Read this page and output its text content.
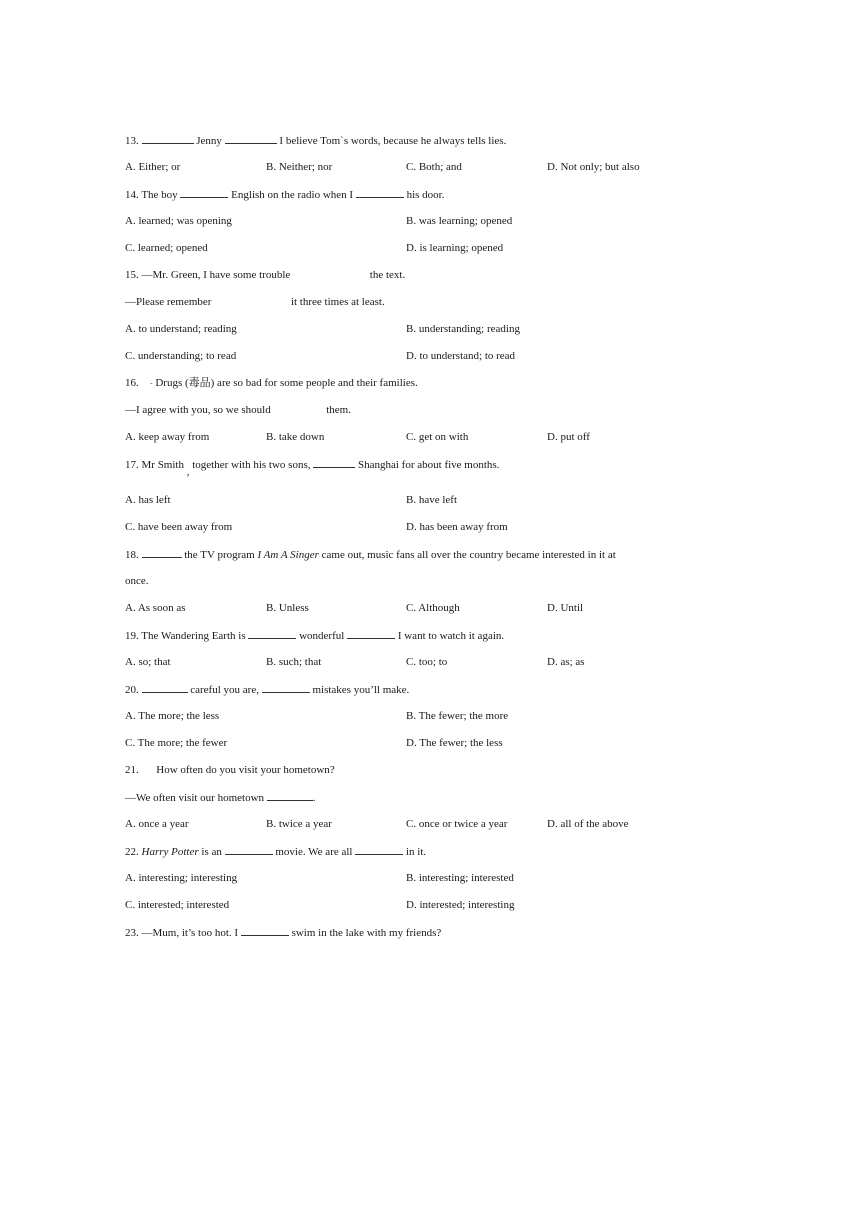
13.	Jenny	I believe Tom`s words, because he always tells lies.
A. Either; or	B. Neither; nor	C. Both; and	D. Not only; but also
14. The boy	English on the radio when I	his door.
A. learned; was opening	B. was learning; opened
C. learned; opened	D. is learning; opened
15. —Mr. Green, I have some trouble	the text.
—Please remember	it three times at least.
A. to understand; reading	B. understanding; reading
C. understanding; to read	D. to understand; to read
16. - Drugs (毒品) are so bad for some people and their families.
—I agree with you, so we should	them.
A. keep away from	B. take down	C. get on with	D. put off
17. Mr Smith , together with his two sons,	Shanghai for about five months.
A. has left	B. have left
C. have been away from	D. has been away from
18.	the TV program I Am A Singer came out, music fans all over the country became interested in it at
once.
A. As soon as	B. Unless	C. Although	D. Until
19. The Wandering Earth is	wonderful	I want to watch it again.
A. so; that	B. such; that	C. too; to	D. as; as
20.	careful you are,	mistakes you’ll make.
A. The more; the less	B. The fewer; the more
C. The more; the fewer	D. The fewer; the less
21. How often do you visit your hometown?
—We often visit our hometown	.
A. once a year	B. twice a year	C. once or twice a year	D. all of the above
22. Harry Potter is an	movie. We are all	in it.
A. interesting; interesting	B. interesting; interested
C. interested; interested	D. interested; interesting
23. —Mum, it’s too hot. I	swim in the lake with my friends?
